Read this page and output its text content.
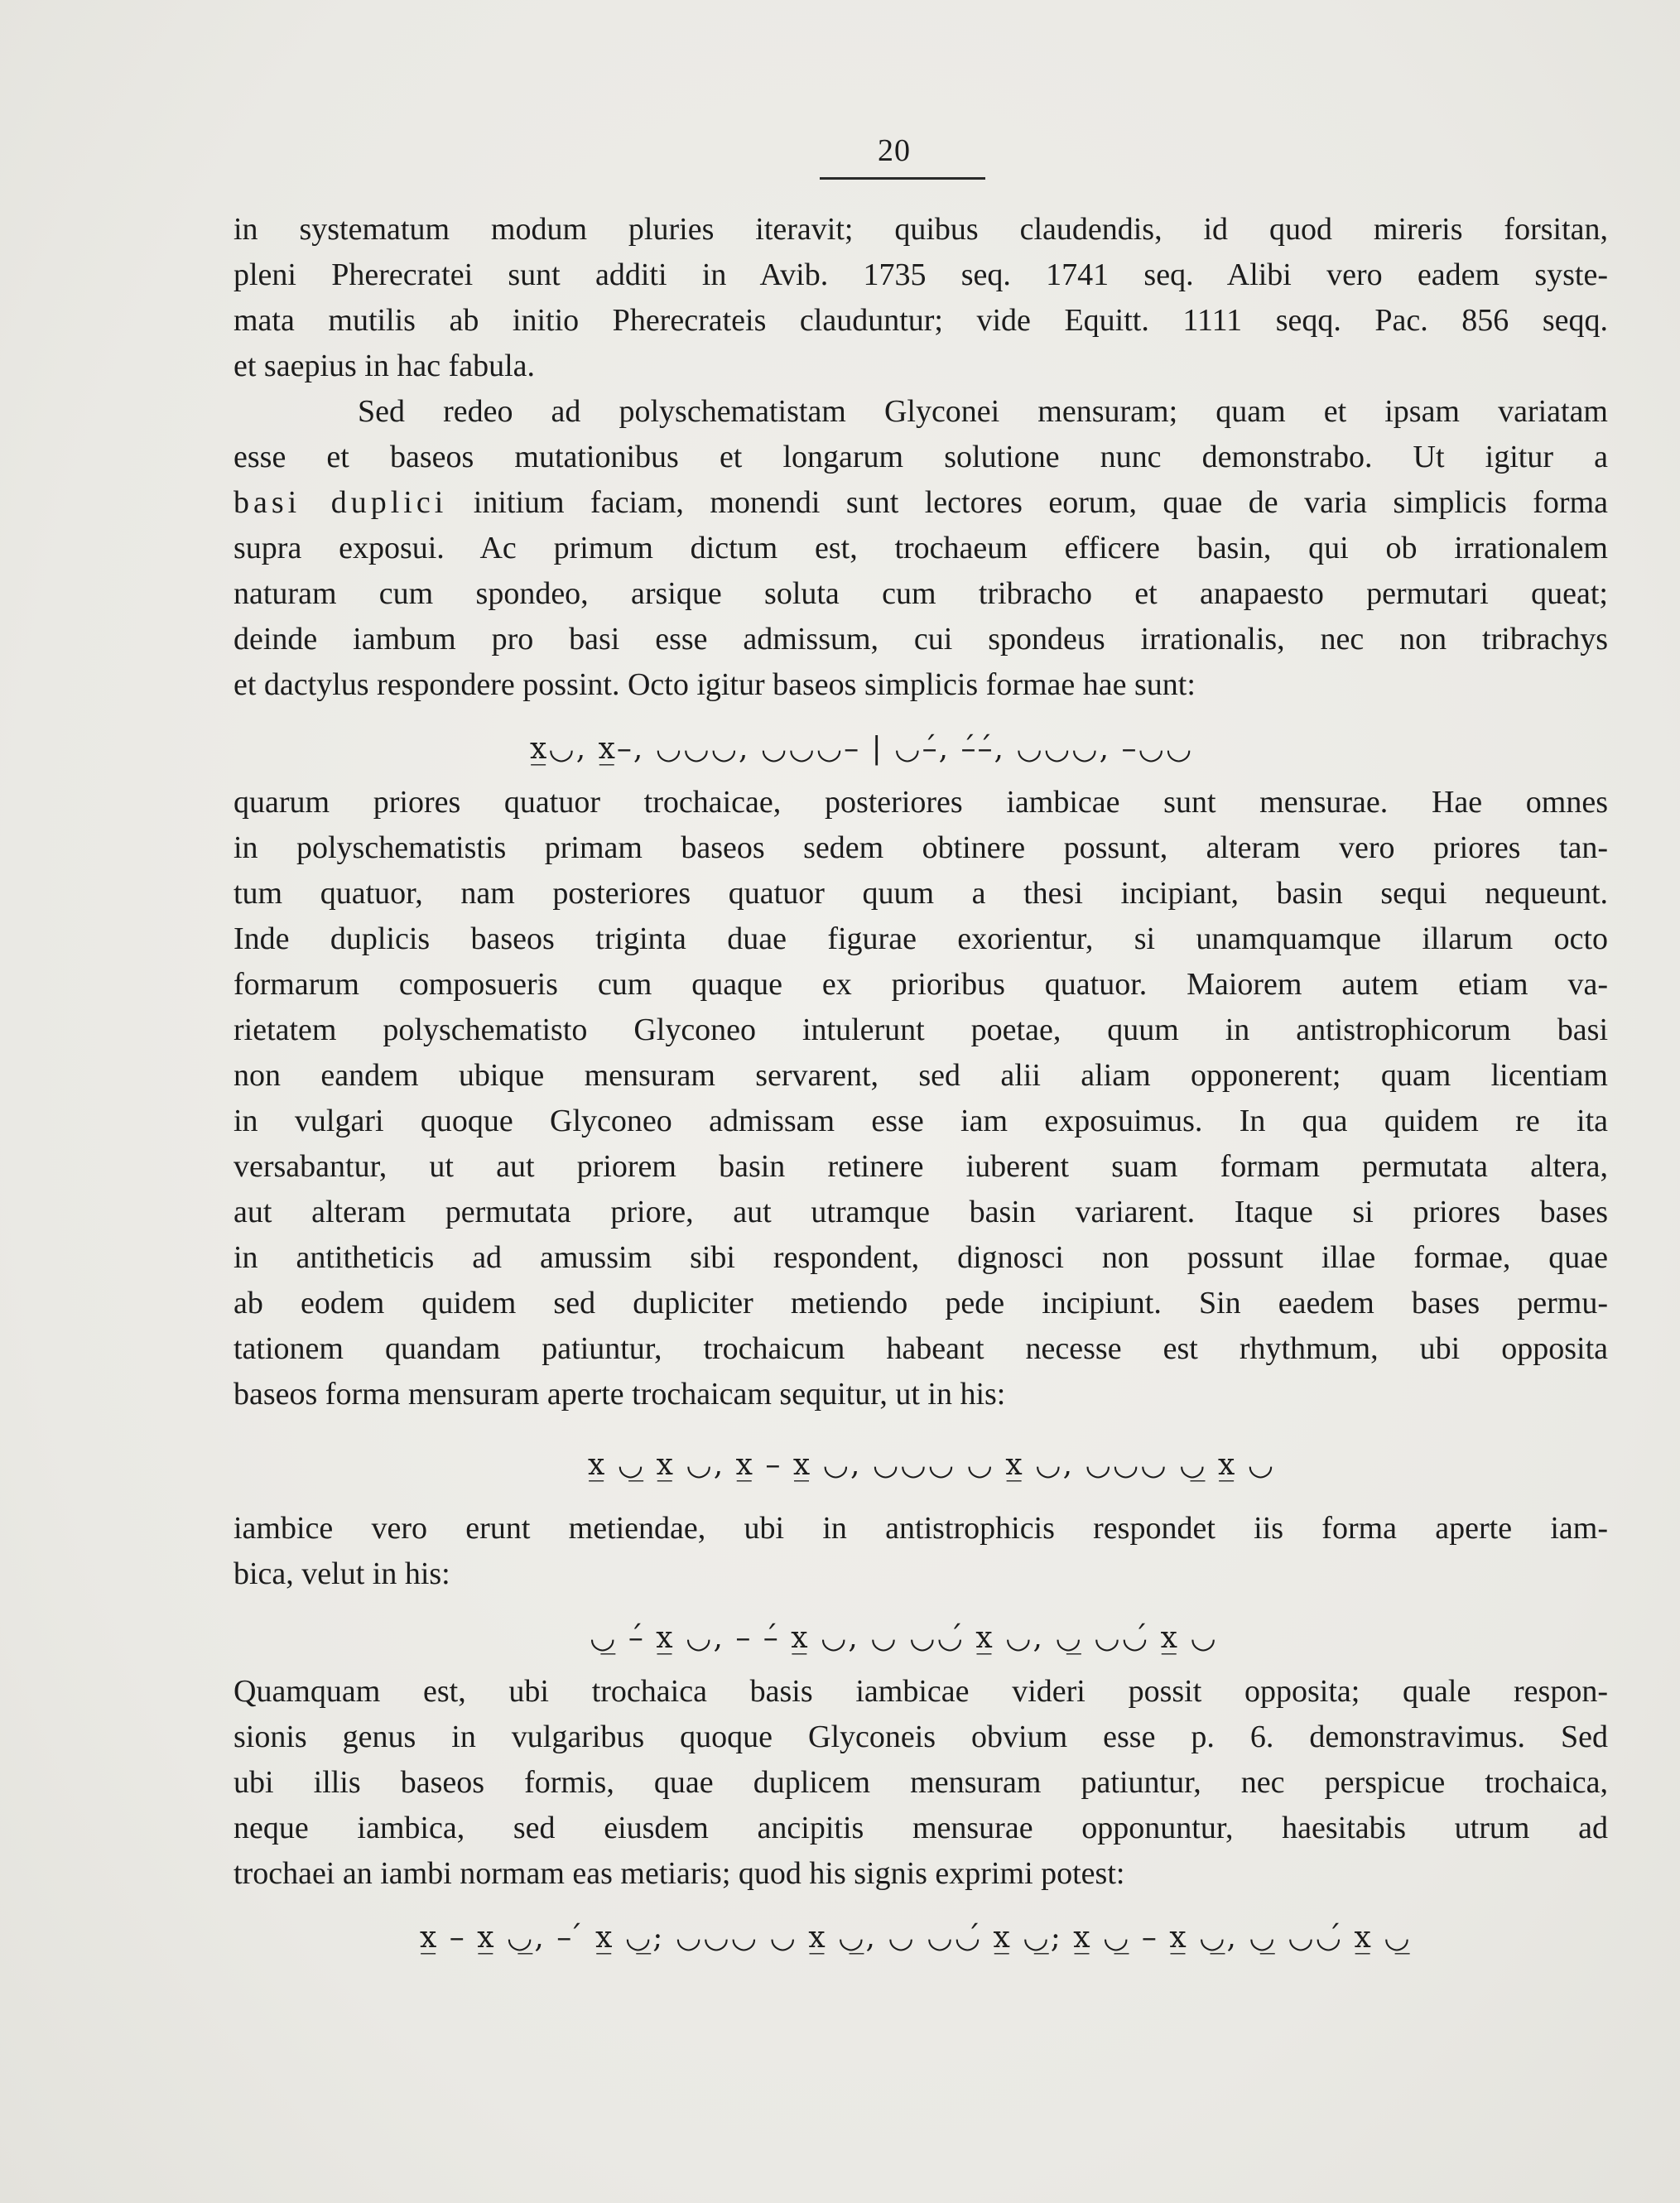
20
in systematum modum pluries iteravit; quibus claudendis, id quod mireris forsitan,
pleni Pherecratei sunt additi in Avib. 1735 seq. 1741 seq. Alibi vero eadem syste-
mata mutilis ab initio Pherecrateis clauduntur; vide Equitt. 1111 seqq. Pac. 856 seqq.
et saepius in hac fabula.
Sed redeo ad polyschematistam Glyconei mensuram; quam et ipsam variatam
esse et baseos mutationibus et longarum solutione nunc demonstrabo. Ut igitur a
basi duplici initium faciam, monendi sunt lectores eorum, quae de varia simplicis forma
supra exposui. Ac primum dictum est, trochaeum efficere basin, qui ob irrationalem
naturam cum spondeo, arsique soluta cum tribracho et anapaesto permutari queat;
deinde iambum pro basi esse admissum, cui spondeus irrationalis, nec non tribrachys
et dactylus respondere possint. Octo igitur baseos simplicis formae hae sunt:
x̲◡, x̲–, ◡◡◡, ◡◡◡– | ◡–́, –́–́, ◡◡◡, –◡◡
quarum priores quatuor trochaicae, posteriores iambicae sunt mensurae. Hae omnes
in polyschematistis primam baseos sedem obtinere possunt, alteram vero priores tan-
tum quatuor, nam posteriores quatuor quum a thesi incipiant, basin sequi nequeunt.
Inde duplicis baseos triginta duae figurae exorientur, si unamquamque illarum octo
formarum composueris cum quaque ex prioribus quatuor. Maiorem autem etiam va-
rietatem polyschematisto Glyconeo intulerunt poetae, quum in antistrophicorum basi
non eandem ubique mensuram servarent, sed alii aliam opponerent; quam licentiam
in vulgari quoque Glyconeo admissam esse iam exposuimus. In qua quidem re ita
versabantur, ut aut priorem basin retinere iuberent suam formam permutata altera,
aut alteram permutata priore, aut utramque basin variarent. Itaque si priores bases
in antitheticis ad amussim sibi respondent, dignosci non possunt illae formae, quae
ab eodem quidem sed dupliciter metiendo pede incipiunt. Sin eaedem bases permu-
tationem quandam patiuntur, trochaicum habeant necesse est rhythmum, ubi opposita
baseos forma mensuram aperte trochaicam sequitur, ut in his:
x̲ ◡̲ x̲ ◡, x̲ – x̲ ◡, ◡◡◡ ◡ x̲ ◡, ◡◡◡ ◡̲ x̲ ◡
iambice vero erunt metiendae, ubi in antistrophicis respondet iis forma aperte iam-
bica, velut in his:
◡̲ –́ x̲ ◡, – –́ x̲ ◡, ◡ ◡◡́ x̲ ◡, ◡̲ ◡◡́ x̲ ◡
Quamquam est, ubi trochaica basis iambicae videri possit opposita; quale respon-
sionis genus in vulgaribus quoque Glyconeis obvium esse p. 6. demonstravimus. Sed
ubi illis baseos formis, quae duplicem mensuram patiuntur, nec perspicue trochaica,
neque iambica, sed eiusdem ancipitis mensurae opponuntur, haesitabis utrum ad
trochaei an iambi normam eas metiaris; quod his signis exprimi potest:
x̲ – x̲ ◡̲, – ́ x̲ ◡̲; ◡◡◡ ◡ x̲ ◡̲, ◡ ◡◡́ x̲ ◡̲; x̲ ◡̲ – x̲ ◡̲, ◡̲ ◡◡́ x̲ ◡̲
